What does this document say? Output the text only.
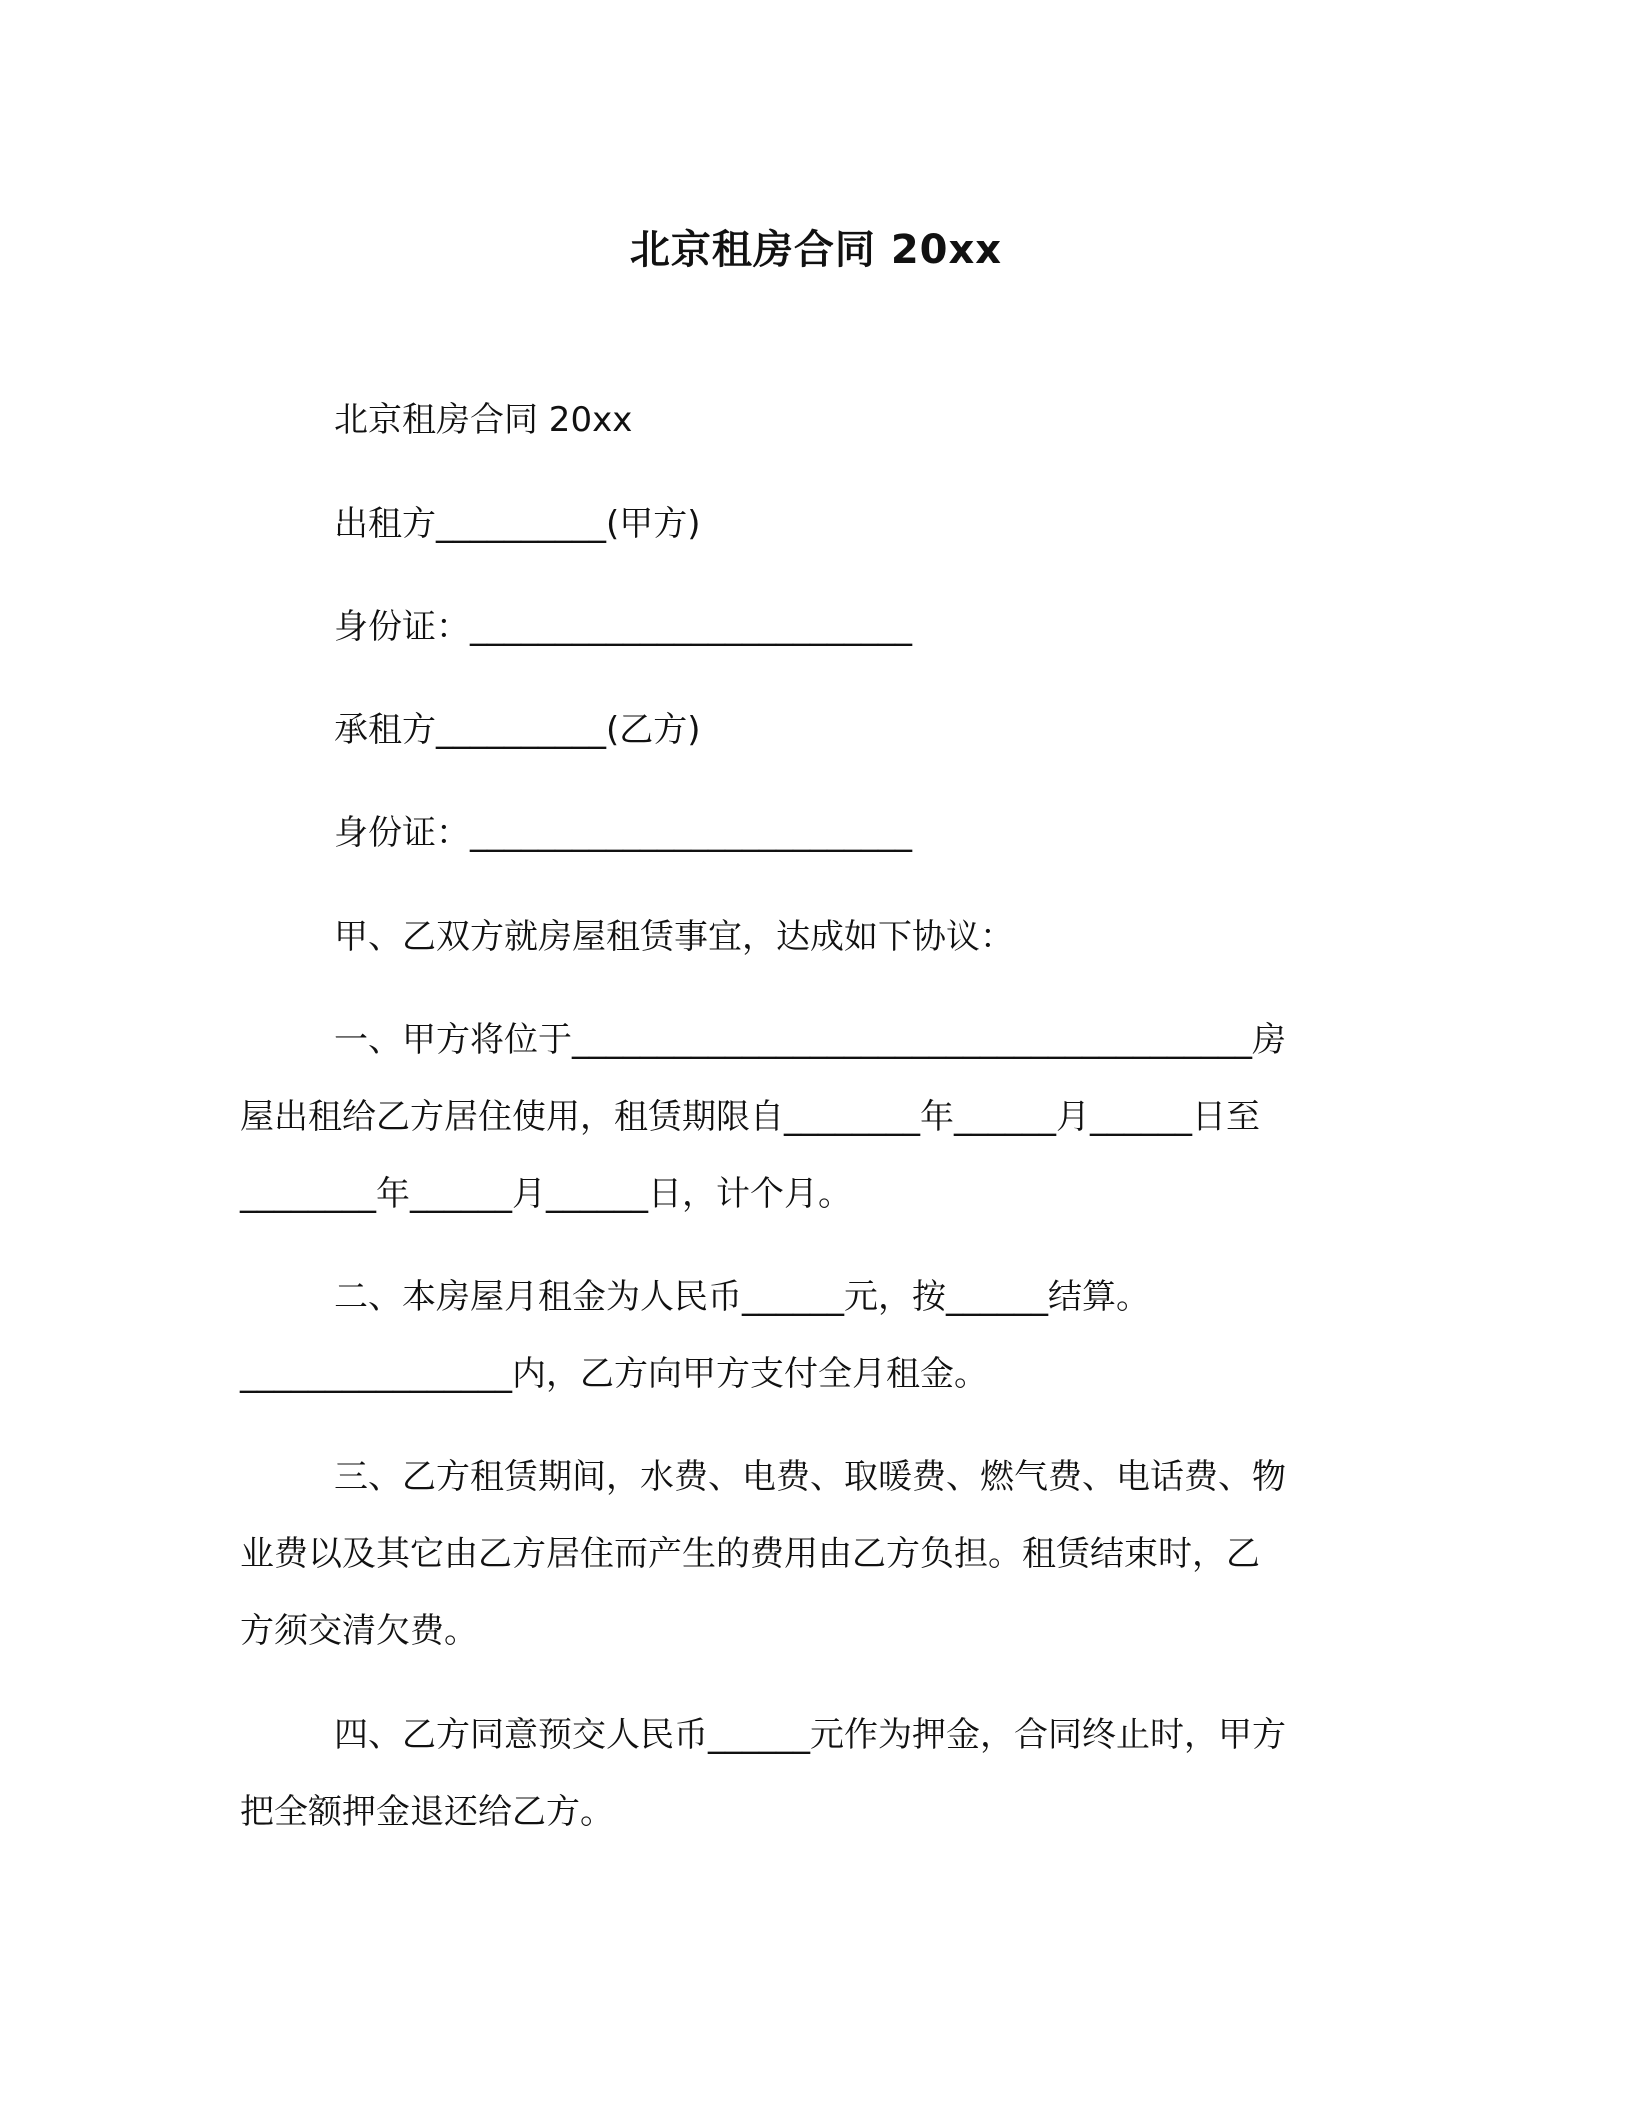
北京租房合同 20xx
北京租房合同 20xx
出租方__________(甲方)
身份证：__________________________
承租方__________(乙方)
身份证：__________________________
甲、乙双方就房屋租赁事宜，达成如下协议：
一、甲方将位于________________________________________房
屋出租给乙方居住使用，租赁期限自________年______月______日至
________年______月______日，计个月。
二、本房屋月租金为人民币______元，按______结算。
________________内，乙方向甲方支付全月租金。
三、乙方租赁期间，水费、电费、取暖费、燃气费、电话费、物
业费以及其它由乙方居住而产生的费用由乙方负担。租赁结束时，乙
方须交清欠费。
四、乙方同意预交人民币______元作为押金，合同终止时，甲方
把全额押金退还给乙方。
